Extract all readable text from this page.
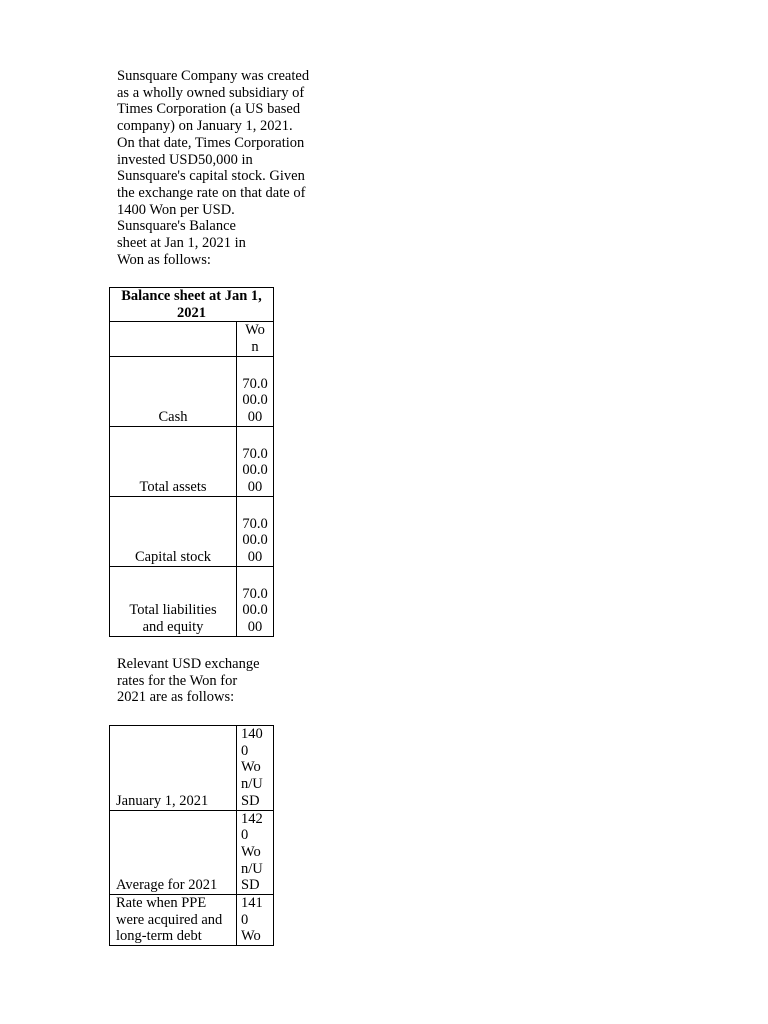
Sunsquare Company was created
as a wholly owned subsidiary of
Times Corporation (a US based
company) on January 1, 2021.
On that date, Times Corporation
invested USD50,000 in
Sunsquare's capital stock. Given
the exchange rate on that date of
1400 Won per USD.
Sunsquare's Balance
sheet at Jan 1, 2021 in
Won as follows:

Balance sheet at Jan 1,
2021	

	Wo
n

Cash	70.0
00.0
00

Total assets	70.0
00.0
00

Capital stock	70.0
00.0
00

Total liabilities
and equity	70.0
00.0
00

Relevant USD exchange
rates for the Won for
2021 are as follows:

January 1, 2021	140
0
Wo
n/U
SD

Average for 2021	142
0
Wo
n/U
SD

Rate when PPE
were acquired and
long-term debt	141
0
Wo
